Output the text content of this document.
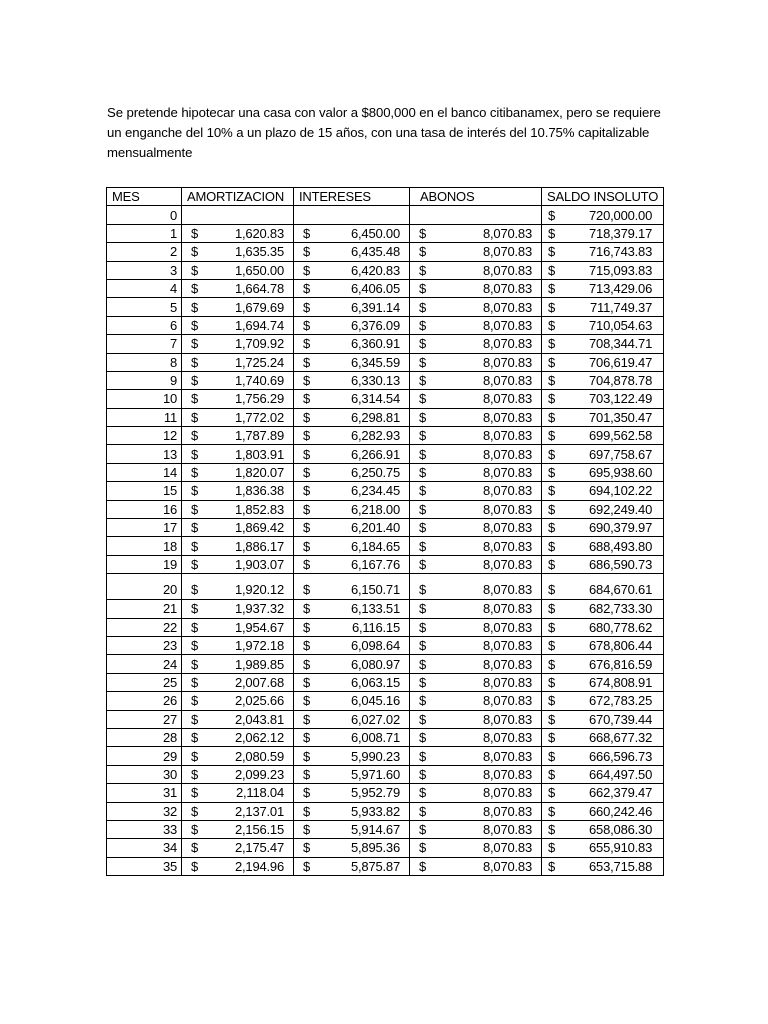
Se pretende hipotecar una casa con valor a $800,000 en el banco citibanamex, pero se requiere un enganche del 10% a un plazo de 15 años, con una tasa de interés del 10.75% capitalizable mensualmente

MES	AMORTIZACION	INTERESES	ABONOS	SALDO INSOLUTO
0				$ 720,000.00

1	$ 1,620.83	$ 6,450.00	$ 8,070.83	$ 718,379.17

2	$ 1,635.35	$ 6,435.48	$ 8,070.83	$ 716,743.83

3	$ 1,650.00	$ 6,420.83	$ 8,070.83	$ 715,093.83

4	$ 1,664.78	$ 6,406.05	$ 8,070.83	$ 713,429.06

5	$ 1,679.69	$ 6,391.14	$ 8,070.83	$ 711,749.37

6	$ 1,694.74	$ 6,376.09	$ 8,070.83	$ 710,054.63

7	$ 1,709.92	$ 6,360.91	$ 8,070.83	$ 708,344.71

8	$ 1,725.24	$ 6,345.59	$ 8,070.83	$ 706,619.47

9	$ 1,740.69	$ 6,330.13	$ 8,070.83	$ 704,878.78

10	$ 1,756.29	$ 6,314.54	$ 8,070.83	$ 703,122.49

11	$ 1,772.02	$ 6,298.81	$ 8,070.83	$ 701,350.47

12	$ 1,787.89	$ 6,282.93	$ 8,070.83	$ 699,562.58

13	$ 1,803.91	$ 6,266.91	$ 8,070.83	$ 697,758.67

14	$ 1,820.07	$ 6,250.75	$ 8,070.83	$ 695,938.60

15	$ 1,836.38	$ 6,234.45	$ 8,070.83	$ 694,102.22

16	$ 1,852.83	$ 6,218.00	$ 8,070.83	$ 692,249.40

17	$ 1,869.42	$ 6,201.40	$ 8,070.83	$ 690,379.97

18	$ 1,886.17	$ 6,184.65	$ 8,070.83	$ 688,493.80

19	$ 1,903.07	$ 6,167.76	$ 8,070.83	$ 686,590.73

20	$ 1,920.12	$ 6,150.71	$ 8,070.83	$ 684,670.61

21	$ 1,937.32	$ 6,133.51	$ 8,070.83	$ 682,733.30

22	$ 1,954.67	$ 6,116.15	$ 8,070.83	$ 680,778.62

23	$ 1,972.18	$ 6,098.64	$ 8,070.83	$ 678,806.44

24	$ 1,989.85	$ 6,080.97	$ 8,070.83	$ 676,816.59

25	$ 2,007.68	$ 6,063.15	$ 8,070.83	$ 674,808.91

26	$ 2,025.66	$ 6,045.16	$ 8,070.83	$ 672,783.25

27	$ 2,043.81	$ 6,027.02	$ 8,070.83	$ 670,739.44

28	$ 2,062.12	$ 6,008.71	$ 8,070.83	$ 668,677.32

29	$ 2,080.59	$ 5,990.23	$ 8,070.83	$ 666,596.73

30	$ 2,099.23	$ 5,971.60	$ 8,070.83	$ 664,497.50

31	$ 2,118.04	$ 5,952.79	$ 8,070.83	$ 662,379.47

32	$ 2,137.01	$ 5,933.82	$ 8,070.83	$ 660,242.46

33	$ 2,156.15	$ 5,914.67	$ 8,070.83	$ 658,086.30

34	$ 2,175.47	$ 5,895.36	$ 8,070.83	$ 655,910.83

35	$ 2,194.96	$ 5,875.87	$ 8,070.83	$ 653,715.88
